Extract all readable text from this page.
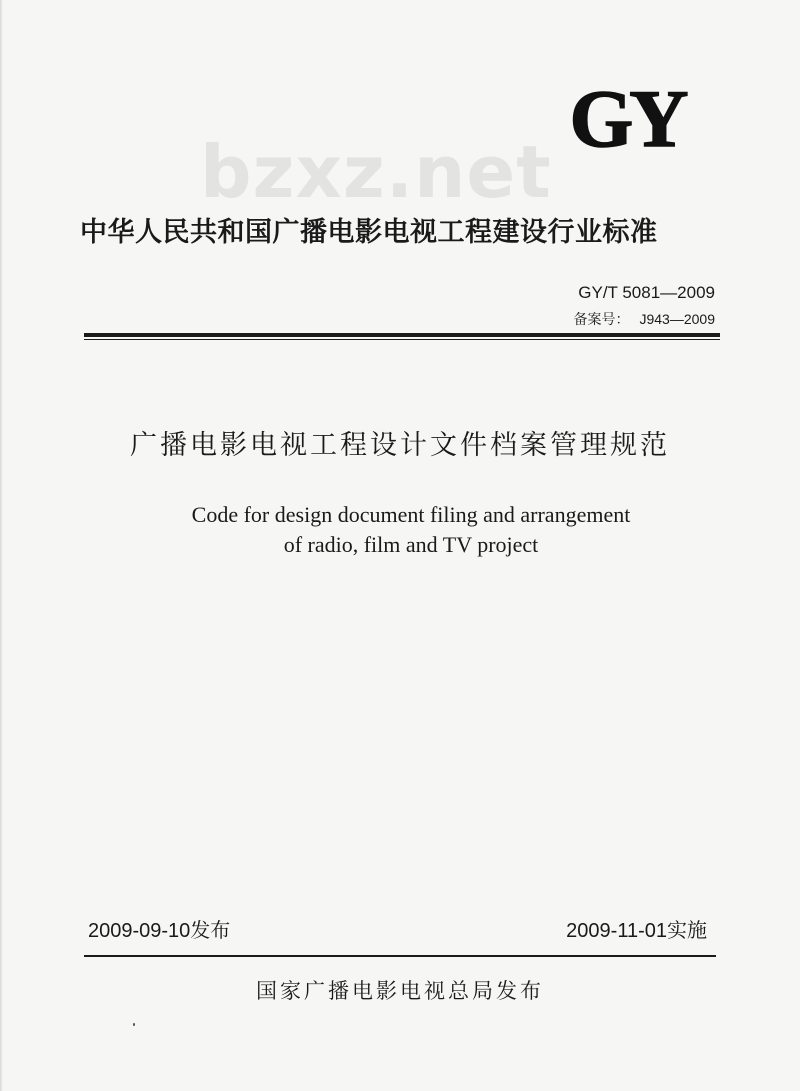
GY
bzxz.net
中华人民共和国广播电影电视工程建设行业标准
GY/T 5081—2009
备案号： J943—2009
广播电影电视工程设计文件档案管理规范
Code for design document filing and arrangement
of radio, film and TV project
2009-09-10发布	2009-11-01实施
国家广播电影电视总局发布
